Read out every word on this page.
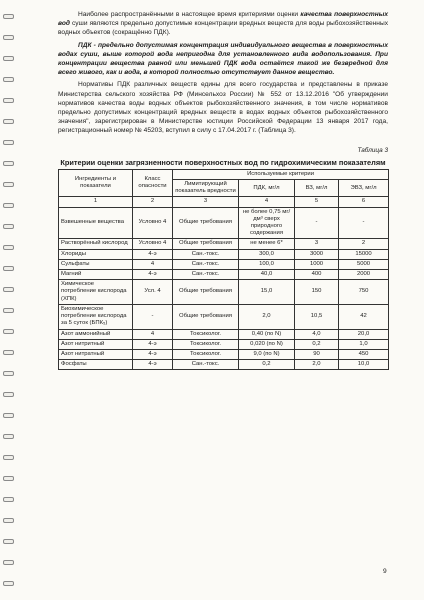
Наиболее распространёнными в настоящее время критериями оценки качества поверхностных вод суши являются предельно допустимые концентрации вредных веществ для воды рыбохозяйственных водных объектов (сокращённо ПДК).

ПДК - предельно допустимая концентрация индивидуального вещества в поверхностных водах суши, выше которой вода непригодна для установленного вида водопользования. При концентрации вещества равной или меньшей ПДК вода остаётся такой же безвредной для всего живого, как и вода, в которой полностью отсутствует данное вещество.

Нормативы ПДК различных веществ едины для всего государства и представлены в приказе Министерства сельского хозяйства РФ (Минсельхоз России) № 552 от 13.12.2016 "Об утверждении нормативов качества воды водных объектов рыбохозяйственного значения, в том числе нормативов предельно допустимых концентраций вредных веществ в водах водных объектов рыбохозяйственного значения", зарегистрирован в Министерстве юстиции Российской Федерации 13 января 2017 года, регистрационный номер № 45203, вступил в силу с 17.04.2017 г. (Таблица 3).

Таблица 3
Критерии оценки загрязненности поверхностных вод по гидрохимическим показателям
Ингредиенты и показатели	Класс опасности	Используемые критерии			
		Лимитирующий показатель вредности	ПДК, мг/л	ВЗ, мг/л	ЭВЗ, мг/л
1	2	3	4	5	6
Взвешенные вещества	Условно 4	Общие требования	не более 0,75 мг/дм³ сверх природного содержания	-	-
Растворённый кислород	Условно 4	Общие требования	не менее 6*	3	2
Хлориды	4-э	Сан.-токс.	300,0	3000	15000
Сульфаты	4	Сан.-токс.	100,0	1000	5000
Магний	4-э	Сан.-токс.	40,0	400	2000
Химическое потребление кислорода (ХПК)	Усл. 4	Общие требования	15,0	150	750
Биохимическое потребление кислорода за 5 суток (БПК₅)	-	Общие требования	2,0	10,5	42
Азот аммонийный	4	Токсиколог.	0,40 (по N)	4,0	20,0
Азот нитритный	4-э	Токсиколог.	0,020 (по N)	0,2	1,0
Азот нитратный	4-э	Токсиколог.	9,0 (по N)	90	450
Фосфаты	4-э	Сан.-токс.	0,2	2,0	10,0
9
